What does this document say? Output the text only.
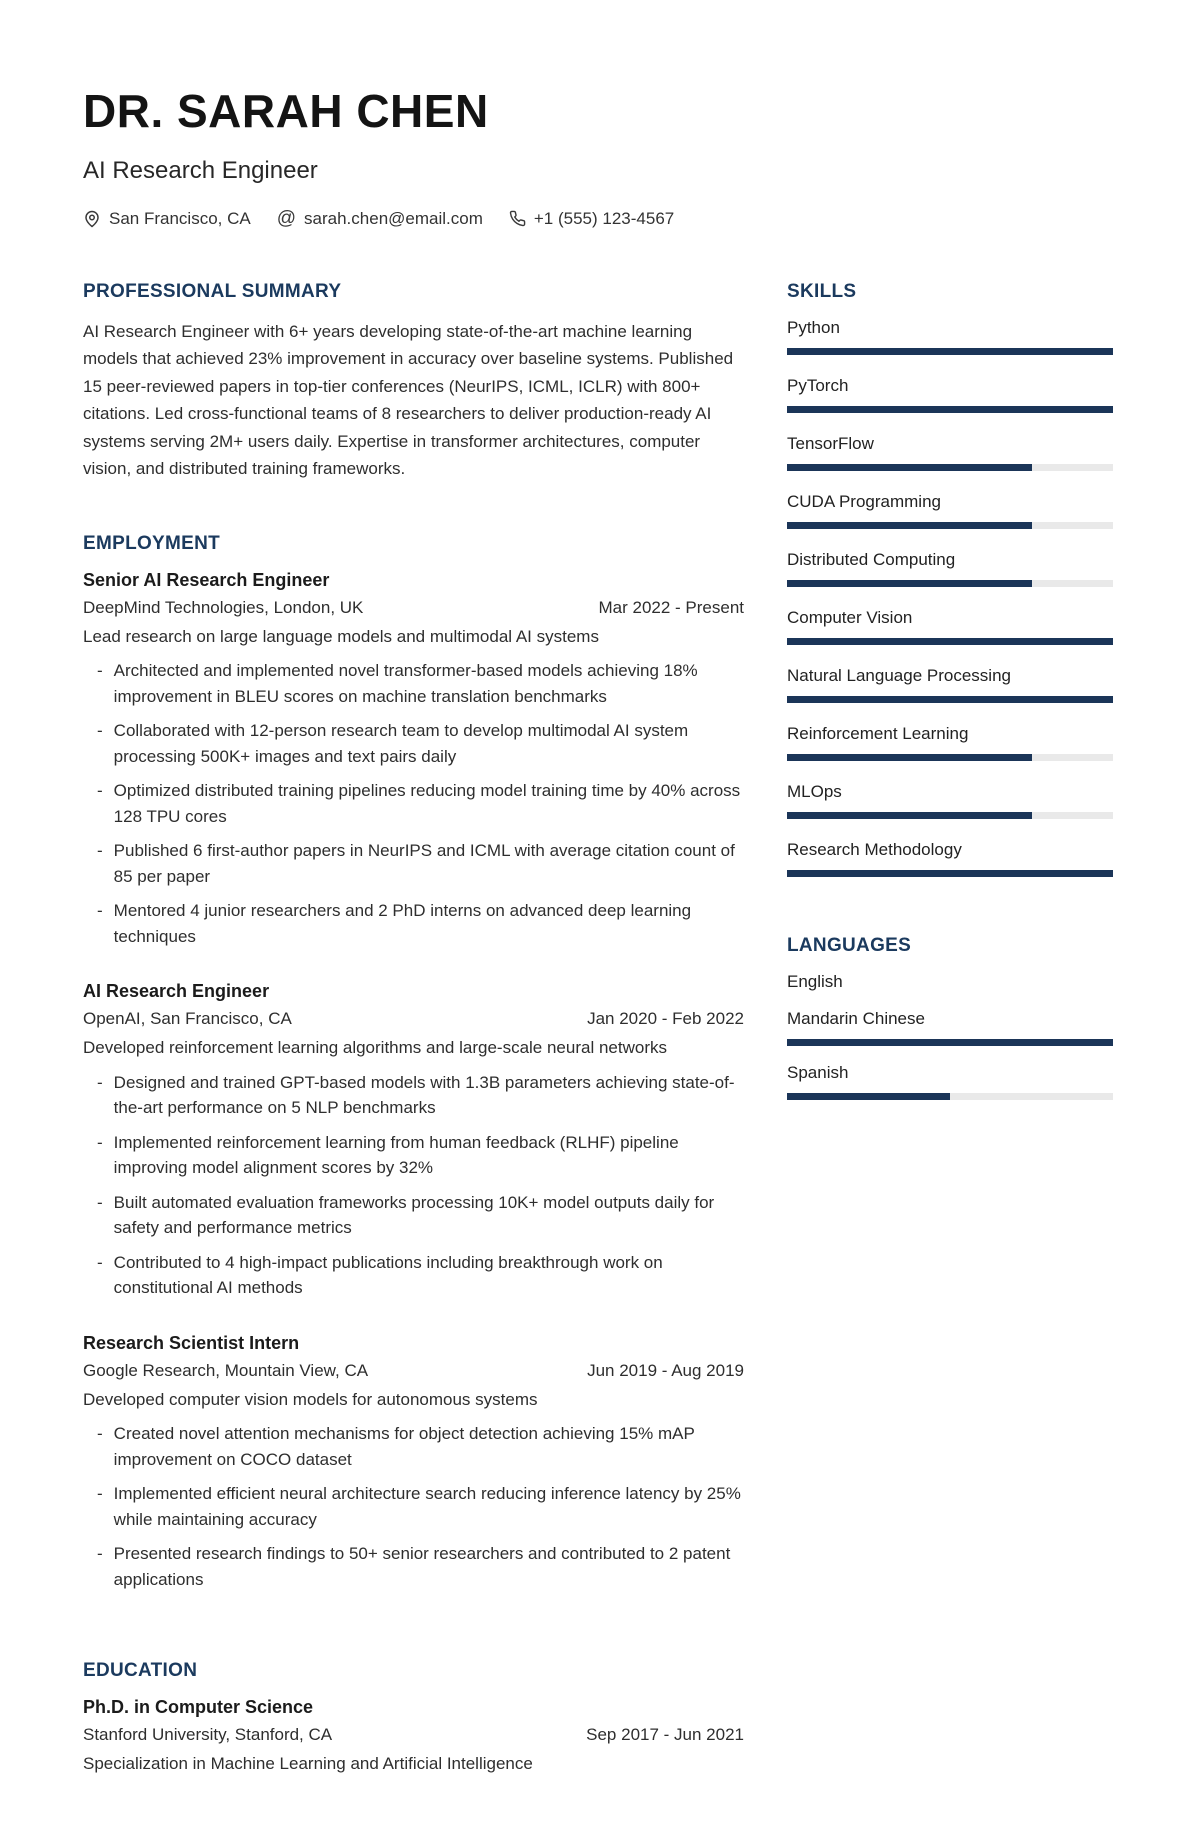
DR. SARAH CHEN
AI Research Engineer
San Francisco, CA @ sarah.chen@email.com	+1 (555) 123-4567
PROFESSIONAL SUMMARY
AI Research Engineer with 6+ years developing state-of-the-art machine learning models that achieved 23% improvement in accuracy over baseline systems. Published 15 peer-reviewed papers in top-tier conferences (NeurIPS, ICML, ICLR) with 800+ citations. Led cross-functional teams of 8 researchers to deliver production-ready AI systems serving 2M+ users daily. Expertise in transformer architectures, computer vision, and distributed training frameworks.
EMPLOYMENT
Senior AI Research Engineer
DeepMind Technologies, London, UK	Mar 2022 - Present
Lead research on large language models and multimodal AI systems
- Architected and implemented novel transformer-based models achieving 18% improvement in BLEU scores on machine translation benchmarks
- Collaborated with 12-person research team to develop multimodal AI system processing 500K+ images and text pairs daily
- Optimized distributed training pipelines reducing model training time by 40% across 128 TPU cores
- Published 6 first-author papers in NeurIPS and ICML with average citation count of 85 per paper
- Mentored 4 junior researchers and 2 PhD interns on advanced deep learning techniques
AI Research Engineer
OpenAI, San Francisco, CA	Jan 2020 - Feb 2022
Developed reinforcement learning algorithms and large-scale neural networks
- Designed and trained GPT-based models with 1.3B parameters achieving state-of-the-art performance on 5 NLP benchmarks
- Implemented reinforcement learning from human feedback (RLHF) pipeline improving model alignment scores by 32%
- Built automated evaluation frameworks processing 10K+ model outputs daily for safety and performance metrics
- Contributed to 4 high-impact publications including breakthrough work on constitutional AI methods
Research Scientist Intern
Google Research, Mountain View, CA	Jun 2019 - Aug 2019
Developed computer vision models for autonomous systems
- Created novel attention mechanisms for object detection achieving 15% mAP improvement on COCO dataset
- Implemented efficient neural architecture search reducing inference latency by 25% while maintaining accuracy
- Presented research findings to 50+ senior researchers and contributed to 2 patent applications
EDUCATION
Ph.D. in Computer Science
Stanford University, Stanford, CA	Sep 2017 - Jun 2021
Specialization in Machine Learning and Artificial Intelligence
SKILLS
Python
PyTorch
TensorFlow
CUDA Programming
Distributed Computing
Computer Vision
Natural Language Processing
Reinforcement Learning
MLOps
Research Methodology
LANGUAGES
English
Mandarin Chinese
Spanish
